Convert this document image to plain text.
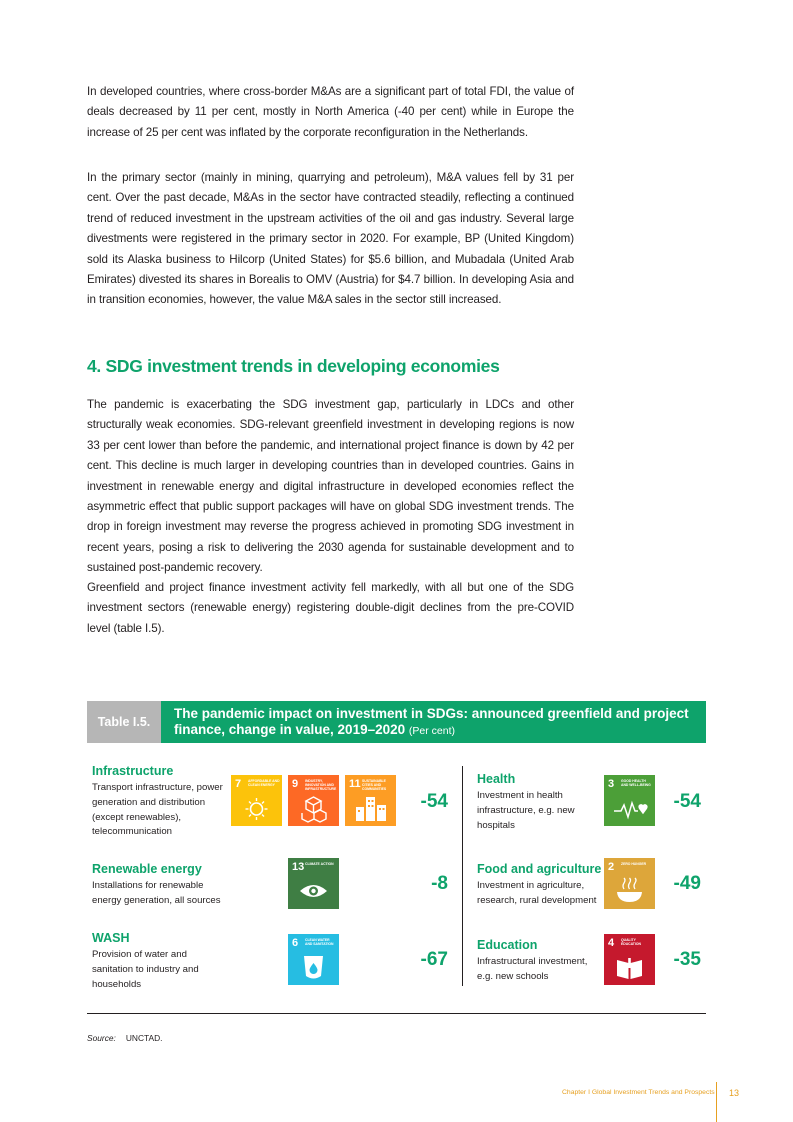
In developed countries, where cross-border M&As are a significant part of total FDI, the value of deals decreased by 11 per cent, mostly in North America (-40 per cent) while in Europe the increase of 25 per cent was inflated by the corporate reconfiguration in the Netherlands.

In the primary sector (mainly in mining, quarrying and petroleum), M&A values fell by 31 per cent. Over the past decade, M&As in the sector have contracted steadily, reflecting a continued trend of reduced investment in the upstream activities of the oil and gas industry. Several large divestments were registered in the primary sector in 2020. For example, BP (United Kingdom) sold its Alaska business to Hilcorp (United States) for $5.6 billion, and Mubadala (United Arab Emirates) divested its shares in Borealis to OMV (Austria) for $4.7 billion. In developing Asia and in transition economies, however, the value M&A sales in the sector still increased.

4. SDG investment trends in developing economies

The pandemic is exacerbating the SDG investment gap, particularly in LDCs and other structurally weak economies. SDG-relevant greenfield investment in developing regions is now 33 per cent lower than before the pandemic, and international project finance is down by 42 per cent. This decline is much larger in developing countries than in developed countries. Gains in investment in renewable energy and digital infrastructure in developed economies reflect the asymmetric effect that public support packages will have on global SDG investment trends. The drop in foreign investment may reverse the progress achieved in promoting SDG investment in recent years, posing a risk to delivering the 2030 agenda for sustainable development and to sustained post-pandemic recovery.

Greenfield and project finance investment activity fell markedly, with all but one of the SDG investment sectors (renewable energy) registering double-digit declines from the pre-COVID level (table I.5).

Table I.5.
The pandemic impact on investment in SDGs: announced greenfield and project finance, change in value, 2019–2020 (Per cent)

Infrastructure

Transport infrastructure, power generation and distribution (except renewables), telecommunication

Renewable energy

Installations for renewable energy generation, all sources

WASH

Provision of water and sanitation to industry and households

-54
-8
-67
7 AFFORDABLE AND CLEAN ENERGY	9 INDUSTRY, INNOVATION AND INFRASTRUCTURE 11 SUSTAINABLE CITIES AND COMMUNITIES
13 CLIMATE ACTION
6 CLEAN WATER AND SANITATION

Health

Investment in health infrastructure, e.g. new hospitals

Food and agriculture

Investment in agriculture, research, rural development

Education

Infrastructural investment, e.g. new schools

-54
-49
-35
3 GOOD HEALTH AND WELL-BEING
2 ZERO HUNGER
4 QUALITY EDUCATION
Source: UNCTAD.
Chapter I Global Investment Trends and Prospects 13
